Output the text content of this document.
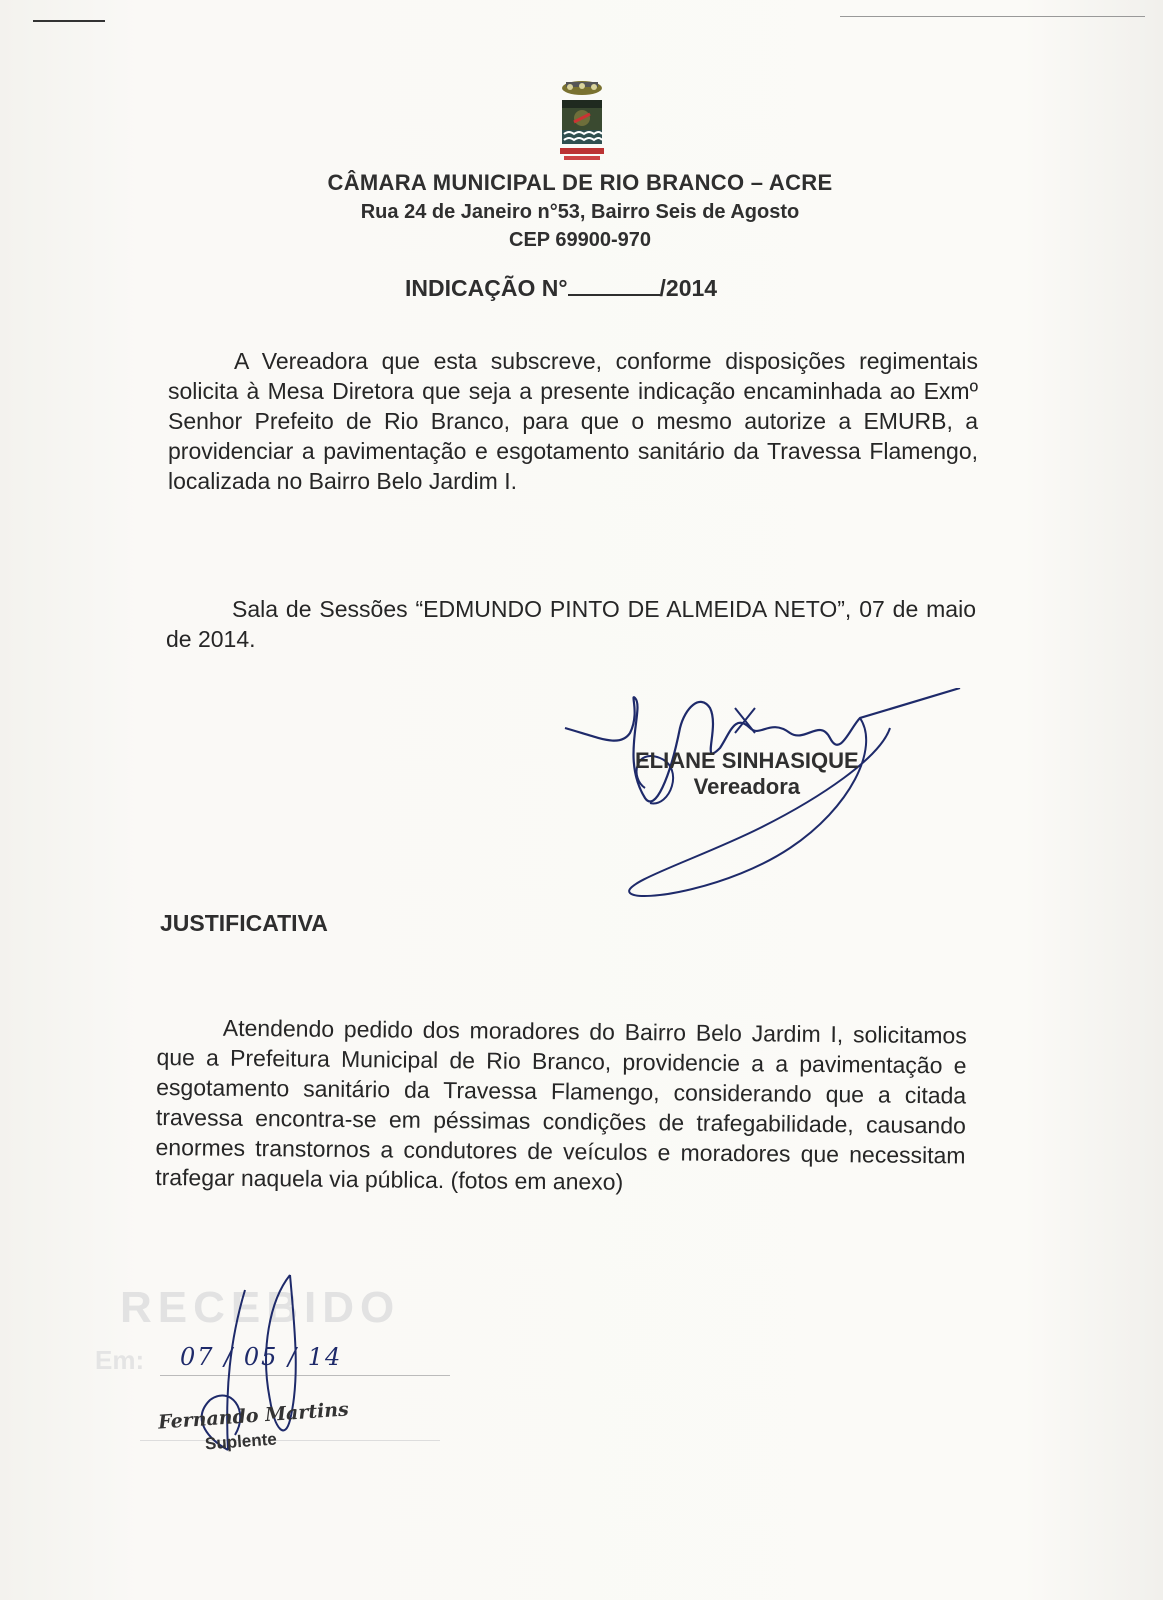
CÂMARA MUNICIPAL DE RIO BRANCO – ACRE
Rua 24 de Janeiro n°53, Bairro Seis de Agosto
CEP 69900-970
INDICAÇÃO N°	/2014
A Vereadora que esta subscreve, conforme disposições regimentais solicita à Mesa Diretora que seja a presente indicação encaminhada ao Exmº Senhor Prefeito de Rio Branco, para que o mesmo autorize a EMURB, a providenciar a pavimentação e esgotamento sanitário da Travessa Flamengo, localizada no Bairro Belo Jardim I.
Sala de Sessões “EDMUNDO PINTO DE ALMEIDA NETO”, 07 de maio de 2014.
ELIANE SINHASIQUE
Vereadora
JUSTIFICATIVA
Atendendo pedido dos moradores do Bairro Belo Jardim I, solicitamos que a Prefeitura Municipal de Rio Branco, providencie a a pavimentação e esgotamento sanitário da Travessa Flamengo, considerando que a citada travessa encontra-se em péssimas condições de trafegabilidade, causando enormes transtornos a condutores de veículos e moradores que necessitam trafegar naquela via pública. (fotos em anexo)
RECEBIDO
Em: 07 / 05 / 14
Fernando Martins
Suplente
